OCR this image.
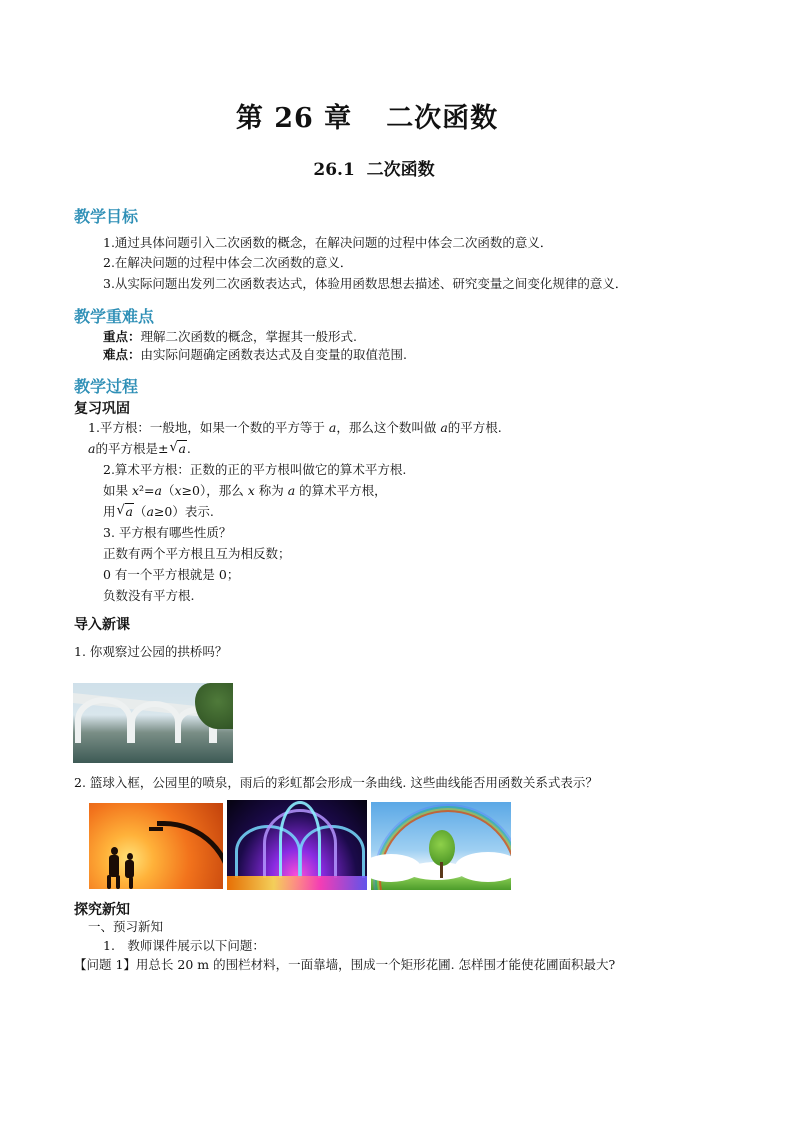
第 26 章 二次函数
26.1 二次函数
教学目标
1.通过具体问题引入二次函数的概念，在解决问题的过程中体会二次函数的意义．
2.在解决问题的过程中体会二次函数的意义．
3.从实际问题出发列二次函数表达式，体验用函数思想去描述、研究变量之间变化规律的意义．
教学重难点
重点：理解二次函数的概念，掌握其一般形式.
难点：由实际问题确定函数表达式及自变量的取值范围.
教学过程
复习巩固
1.平方根：一般地，如果一个数的平方等于 a，那么这个数叫做 a的平方根.
a的平方根是± √ a.
2.算术平方根：正数的正的平方根叫做它的算术平方根.
如果 x²=a（x≥0），那么 x 称为 a 的算术平方根，
用 √ a（a≥0）表示.
3. 平方根有哪些性质？
正数有两个平方根且互为相反数；
0 有一个平方根就是 0；
负数没有平方根.
导入新课
1. 你观察过公园的拱桥吗？
2. 篮球入框，公园里的喷泉，雨后的彩虹都会形成一条曲线. 这些曲线能否用函数关系式表示？
探究新知
一、预习新知
1.　教师课件展示以下问题：
【问题 1】用总长 20 m 的围栏材料，一面靠墙，围成一个矩形花圃. 怎样围才能使花圃面积最大?
